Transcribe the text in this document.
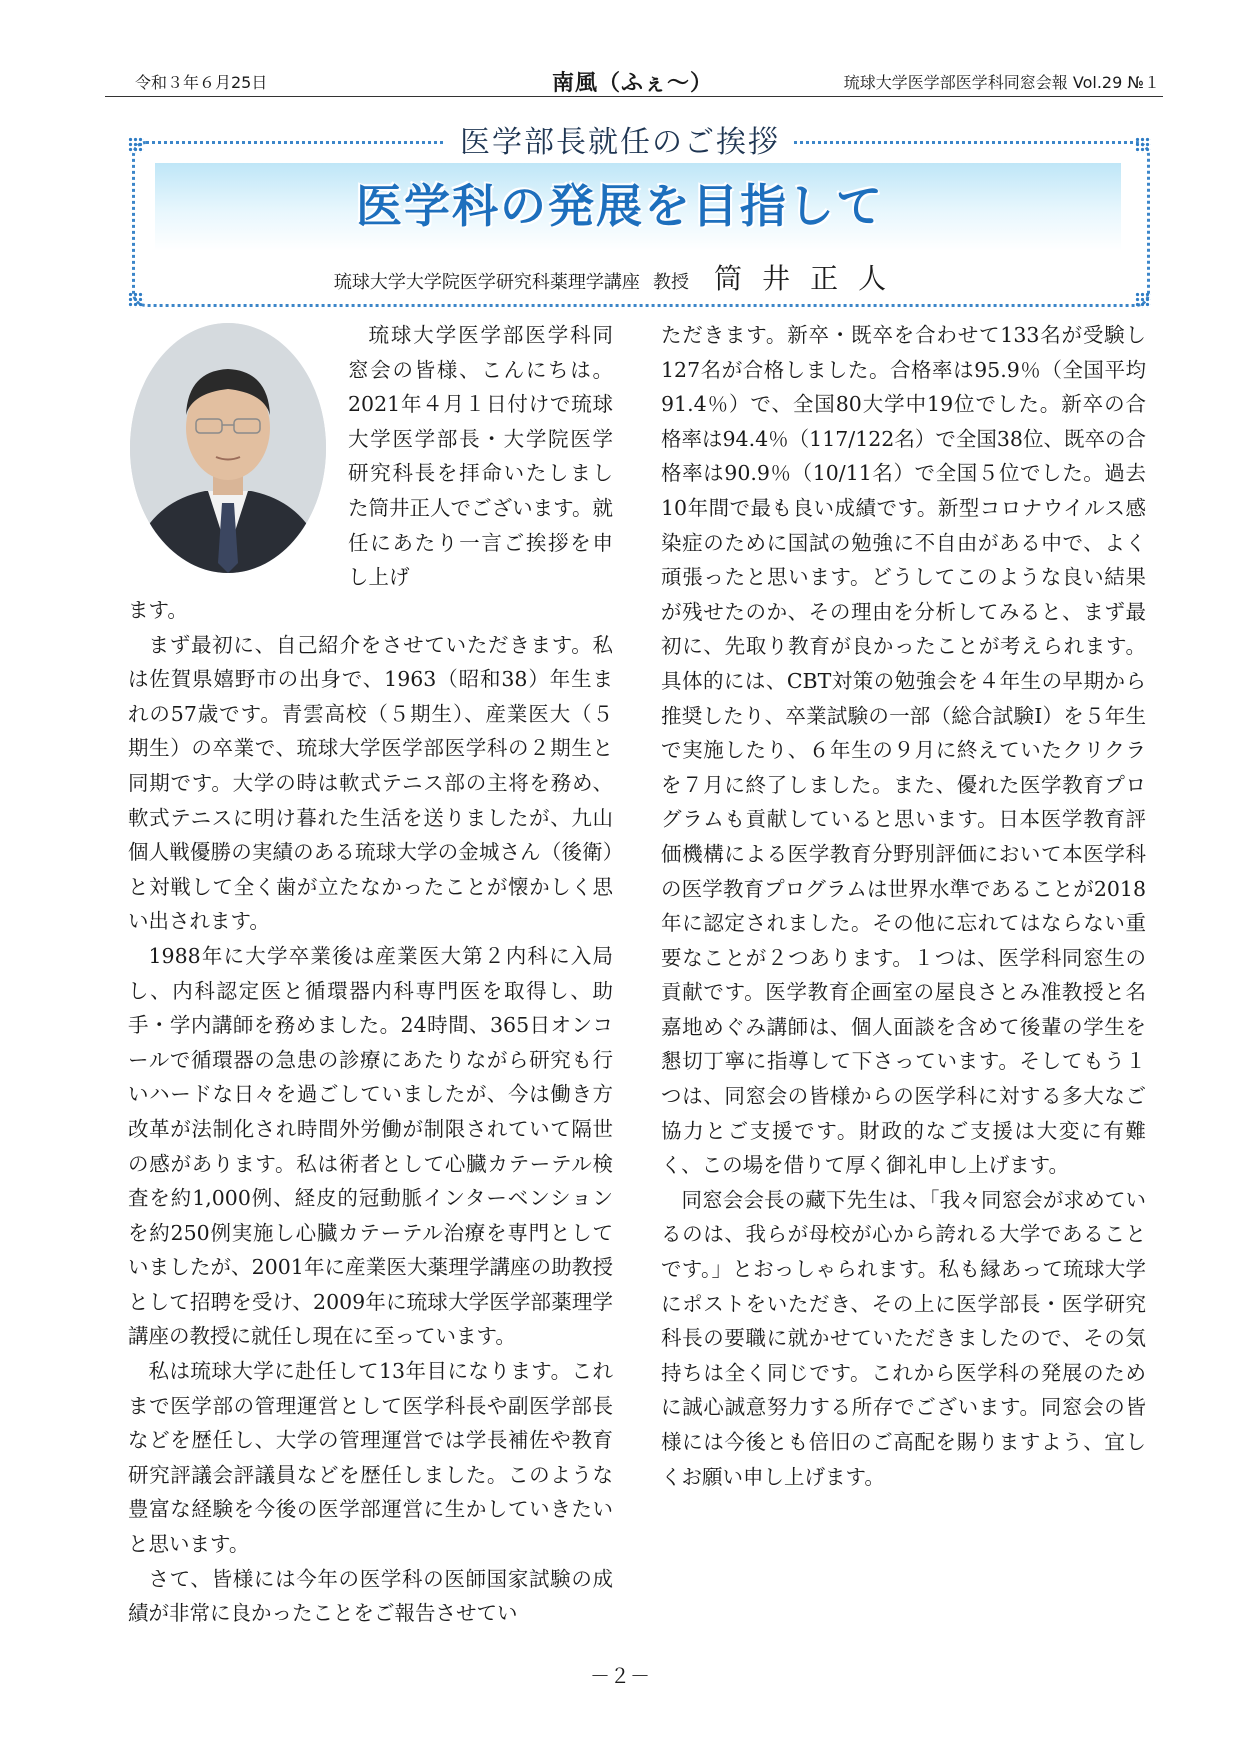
令和３年６月25日	南風（ふぇ〜）	琉球大学医学部医学科同窓会報 Vol.29 №１
医学部長就任のご挨拶
医学科の発展を目指して
琉球大学大学院医学研究科薬理学講座 教授 筒井正人

琉球大学医学部医学科同窓会の皆様、こんにちは。2021年４月１日付けで琉球大学医学部長・大学院医学研究科長を拝命いたしました筒井正人でございます。就任にあたり一言ご挨拶を申し上げ

ます。

まず最初に、自己紹介をさせていただきます。私は佐賀県嬉野市の出身で、1963（昭和38）年生まれの57歳です。青雲高校（５期生）、産業医大（５期生）の卒業で、琉球大学医学部医学科の２期生と同期です。大学の時は軟式テニス部の主将を務め、軟式テニスに明け暮れた生活を送りましたが、九山個人戦優勝の実績のある琉球大学の金城さん（後衛）と対戦して全く歯が立たなかったことが懐かしく思い出されます。

1988年に大学卒業後は産業医大第２内科に入局し、内科認定医と循環器内科専門医を取得し、助手・学内講師を務めました。24時間、365日オンコールで循環器の急患の診療にあたりながら研究も行いハードな日々を過ごしていましたが、今は働き方改革が法制化され時間外労働が制限されていて隔世の感があります。私は術者として心臓カテーテル検査を約1,000例、経皮的冠動脈インターベンションを約250例実施し心臓カテーテル治療を専門としていましたが、2001年に産業医大薬理学講座の助教授として招聘を受け、2009年に琉球大学医学部薬理学講座の教授に就任し現在に至っています。

私は琉球大学に赴任して13年目になります。これまで医学部の管理運営として医学科長や副医学部長などを歴任し、大学の管理運営では学長補佐や教育研究評議会評議員などを歴任しました。このような豊富な経験を今後の医学部運営に生かしていきたいと思います。

さて、皆様には今年の医学科の医師国家試験の成績が非常に良かったことをご報告させてい

ただきます。新卒・既卒を合わせて133名が受験し127名が合格しました。合格率は95.9％（全国平均91.4％）で、全国80大学中19位でした。新卒の合格率は94.4％（117/122名）で全国38位、既卒の合格率は90.9％（10/11名）で全国５位でした。過去10年間で最も良い成績です。新型コロナウイルス感染症のために国試の勉強に不自由がある中で、よく頑張ったと思います。どうしてこのような良い結果が残せたのか、その理由を分析してみると、まず最初に、先取り教育が良かったことが考えられます。具体的には、CBT対策の勉強会を４年生の早期から推奨したり、卒業試験の一部（総合試験Ⅰ）を５年生で実施したり、６年生の９月に終えていたクリクラを７月に終了しました。また、優れた医学教育プログラムも貢献していると思います。日本医学教育評価機構による医学教育分野別評価において本医学科の医学教育プログラムは世界水準であることが2018年に認定されました。その他に忘れてはならない重要なことが２つあります。１つは、医学科同窓生の貢献です。医学教育企画室の屋良さとみ准教授と名嘉地めぐみ講師は、個人面談を含めて後輩の学生を懇切丁寧に指導して下さっています。そしてもう１つは、同窓会の皆様からの医学科に対する多大なご協力とご支援です。財政的なご支援は大変に有難く、この場を借りて厚く御礼申し上げます。

同窓会会長の藏下先生は、「我々同窓会が求めているのは、我らが母校が心から誇れる大学であることです。」とおっしゃられます。私も縁あって琉球大学にポストをいただき、その上に医学部長・医学研究科長の要職に就かせていただきましたので、その気持ちは全く同じです。これから医学科の発展のために誠心誠意努力する所存でございます。同窓会の皆様には今後とも倍旧のご高配を賜りますよう、宜しくお願い申し上げます。

－２－
